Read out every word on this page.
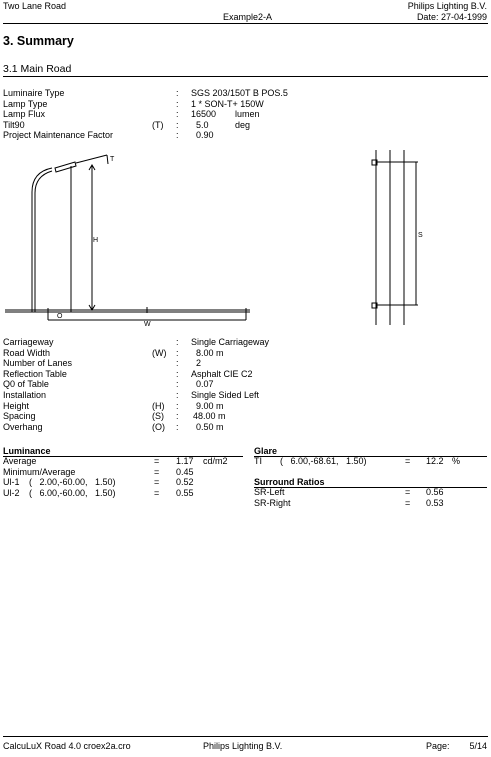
Two Lane Road
Example2-A
Philips Lighting B.V.
Date: 27-04-1999
3. Summary
3.1 Main Road
Luminaire Type	: SGS 203/150T B POS.5
Lamp Type	: 1 * SON-T+ 150W
Lamp Flux	: 16500 lumen
Tilt90	(T) : 5.0	deg
Project Maintenance Factor	: 0.90
T
H
O
W
S
Carriageway	: Single Carriageway
Road Width	(W) : 8.00 m
Number of Lanes	: 2
Reflection Table	: Asphalt CIE C2
Q0 of Table	: 0.07
Installation	: Single Sided Left
Height	(H) : 9.00 m
Spacing	(S) : 48.00 m
Overhang	(O) : 0.50 m
Luminance
Average	= 1.17 cd/m2
Minimum/Average	= 0.45
Ul-1 (   2.00,-60.00,   1.50)	= 0.52
Ul-2 (   6.00,-60.00,   1.50)	= 0.55
Glare
TI (   6.00,-68.61,   1.50)	= 12.2 %
Surround Ratios
SR-Left	= 0.56
SR-Right	= 0.53
CalcuLuX Road 4.0 croex2a.cro	Philips Lighting B.V.	Page: 5/14
